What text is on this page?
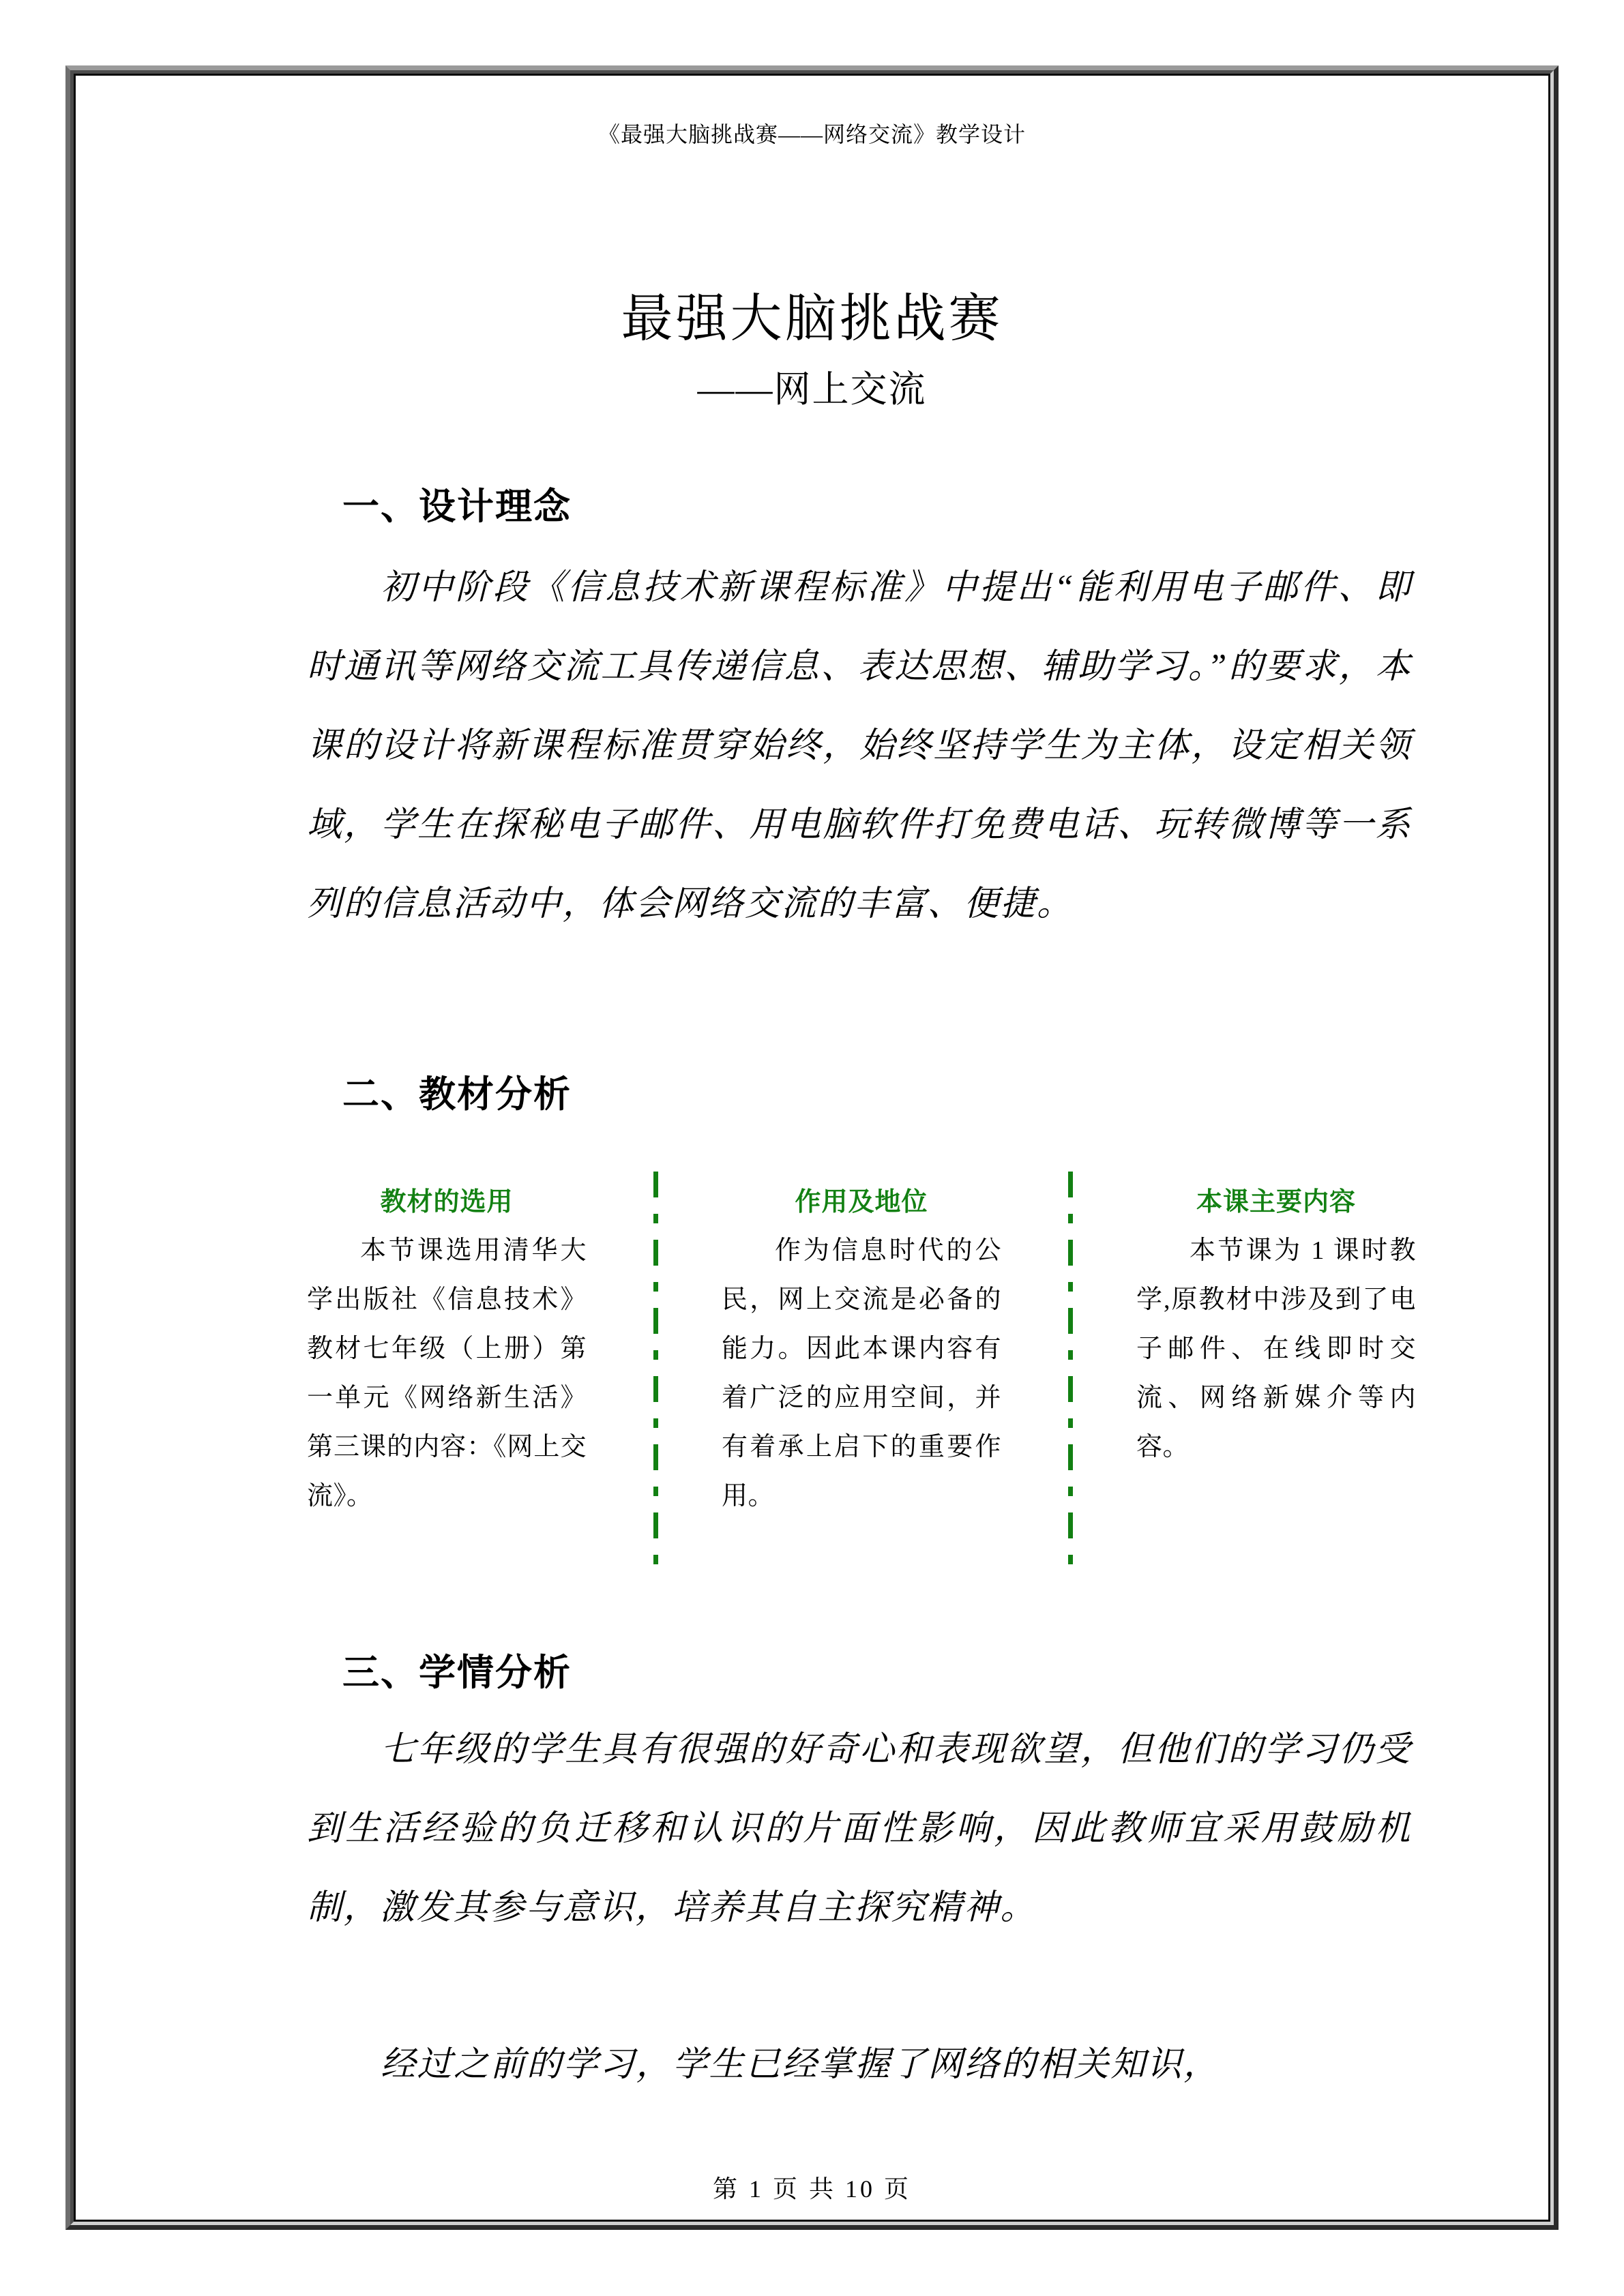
《最强大脑挑战赛——网络交流》教学设计
最强大脑挑战赛
——网上交流
一、设计理念
初中阶段《信息技术新课程标准》中提出“能利用电子邮件、即时通讯等网络交流工具传递信息、表达思想、辅助学习。”的要求，本课的设计将新课程标准贯穿始终，始终坚持学生为主体，设定相关领域，学生在探秘电子邮件、用电脑软件打免费电话、玩转微博等一系列的信息活动中，体会网络交流的丰富、便捷。
二、教材分析
教材的选用
本节课选用清华大学出版社《信息技术》教材七年级（上册）第一单元《网络新生活》第三课的内容：《网上交流》。
作用及地位
作为信息时代的公民，网上交流是必备的能力。因此本课内容有着广泛的应用空间，并有着承上启下的重要作用。
本课主要内容
本节课为 1 课时教学,原教材中涉及到了电子邮件、在线即时交流、网络新媒介等内容。
三、学情分析
七年级的学生具有很强的好奇心和表现欲望，但他们的学习仍受到生活经验的负迁移和认识的片面性影响，因此教师宜采用鼓励机制，激发其参与意识，培养其自主探究精神。
经过之前的学习，学生已经掌握了网络的相关知识，
第 1 页 共 10 页
